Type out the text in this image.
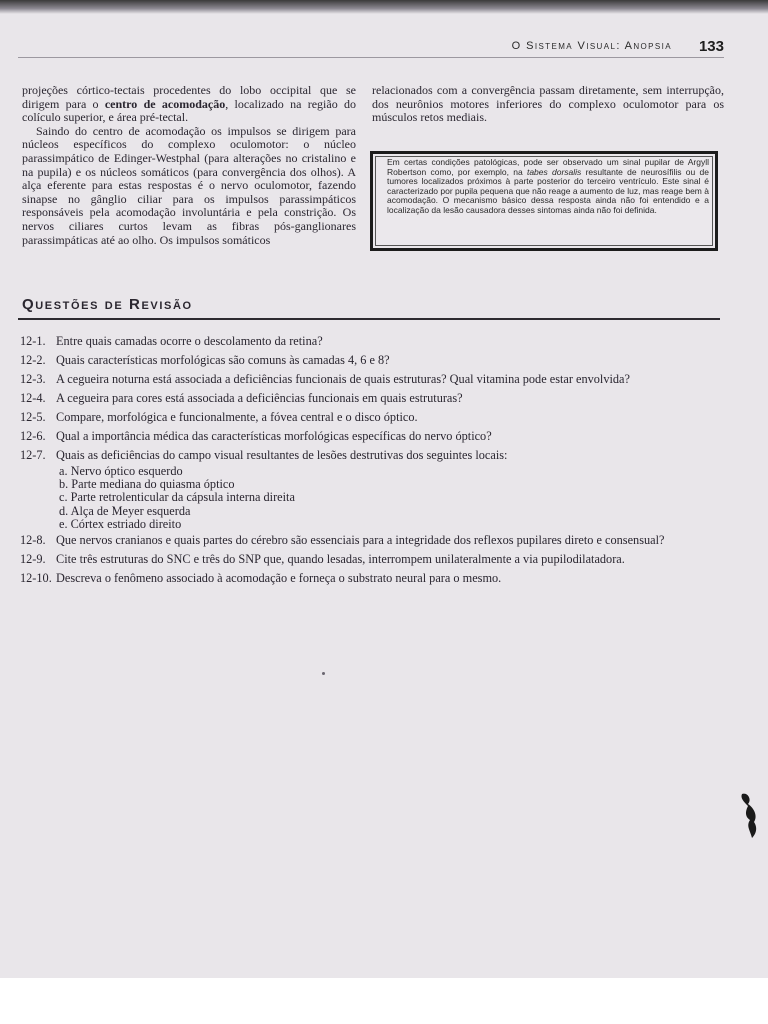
O Sistema Visual: Anopsia 133

projeções córtico-tectais procedentes do lobo occipital que se dirigem para o centro de acomodação, localizado na região do colículo superior, e área pré-tectal.

Saindo do centro de acomodação os impulsos se dirigem para núcleos específicos do complexo oculomotor: o núcleo parassimpático de Edinger-Westphal (para alterações no cristalino e na pupila) e os núcleos somáticos (para convergência dos olhos). A alça eferente para estas respostas é o nervo oculomotor, fazendo sinapse no gânglio ciliar para os impulsos parassimpáticos responsáveis pela acomodação involuntária e pela constrição. Os nervos ciliares curtos levam as fibras pós-ganglionares parassimpáticas até ao olho. Os impulsos somáticos

relacionados com a convergência passam diretamente, sem interrupção, dos neurônios motores inferiores do complexo oculomotor para os músculos retos mediais.

Em certas condições patológicas, pode ser observado um sinal pupilar de Argyll Robertson como, por exemplo, na tabes dorsalis resultante de neurosífilis ou de tumores localizados próximos à parte posterior do terceiro ventrículo. Este sinal é caracterizado por pupila pequena que não reage a aumento de luz, mas reage bem à acomodação. O mecanismo básico dessa resposta ainda não foi entendido e a localização da lesão causadora desses sintomas ainda não foi definida.
Questões de Revisão
12-1. Entre quais camadas ocorre o descolamento da retina?
12-2. Quais características morfológicas são comuns às camadas 4, 6 e 8?
12-3. A cegueira noturna está associada a deficiências funcionais de quais estruturas? Qual vitamina pode estar envolvida?
12-4. A cegueira para cores está associada a deficiências funcionais em quais estruturas?
12-5. Compare, morfológica e funcionalmente, a fóvea central e o disco óptico.
12-6. Qual a importância médica das características morfológicas específicas do nervo óptico?
12-7. Quais as deficiências do campo visual resultantes de lesões destrutivas dos seguintes locais:
a. Nervo óptico esquerdo
b. Parte mediana do quiasma óptico
c. Parte retrolenticular da cápsula interna direita
d. Alça de Meyer esquerda
e. Córtex estriado direito
12-8. Que nervos cranianos e quais partes do cérebro são essenciais para a integridade dos reflexos pupilares direto e consensual?
12-9. Cite três estruturas do SNC e três do SNP que, quando lesadas, interrompem unilateralmente a via pupilodilatadora.
12-10. Descreva o fenômeno associado à acomodação e forneça o substrato neural para o mesmo.
